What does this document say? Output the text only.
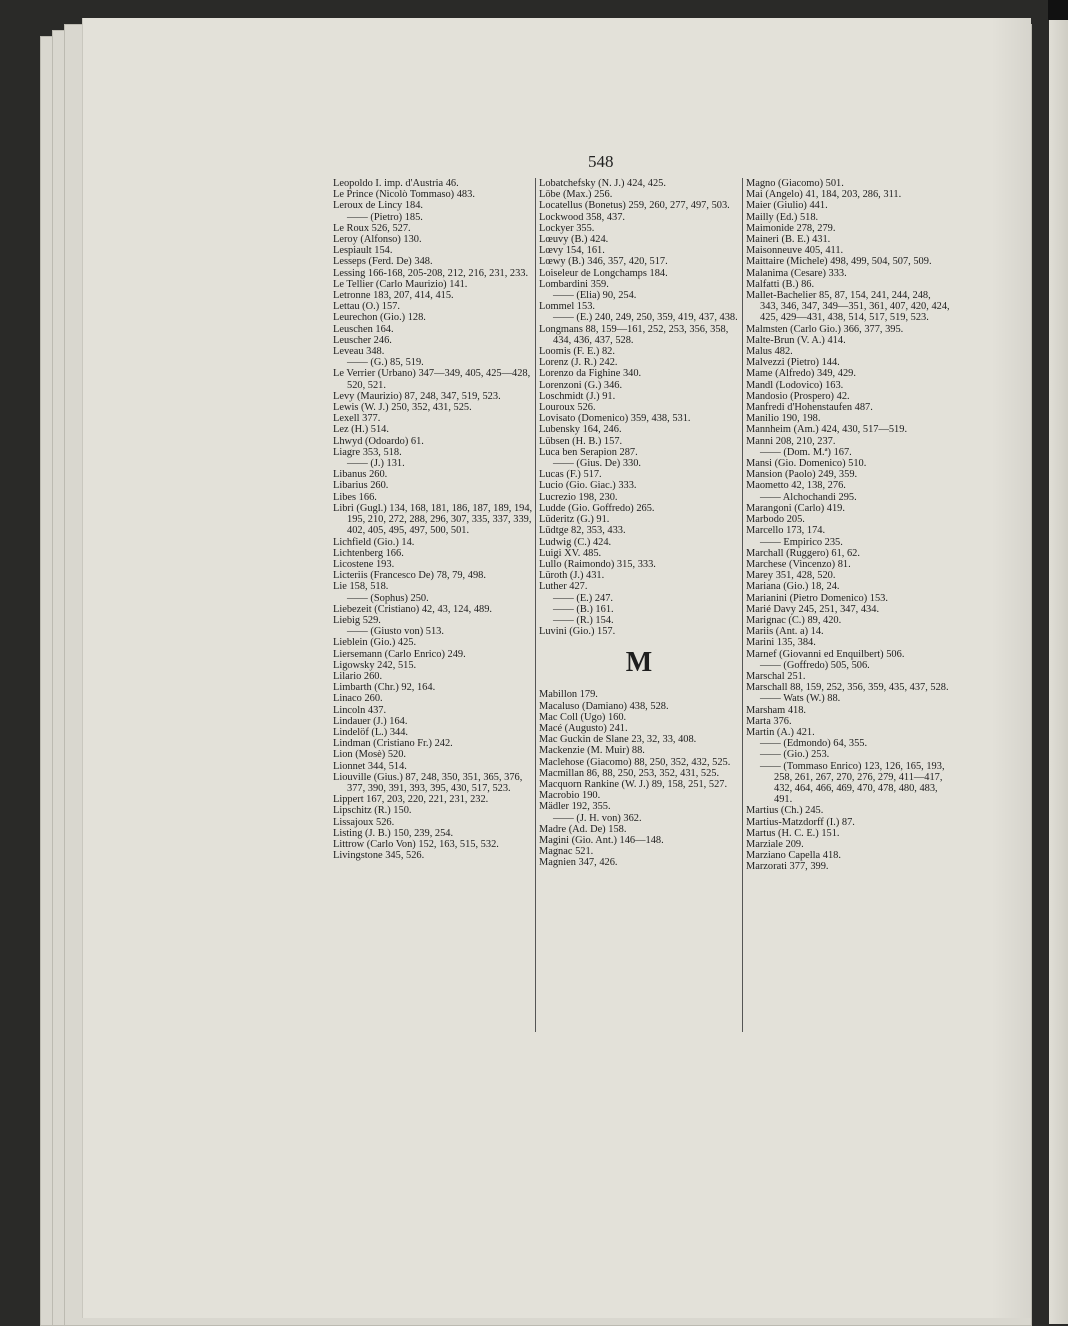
548

Leopoldo I. imp. d'Austria 46.
Le Prince (Nicolò Tommaso) 483.
Leroux de Lincy 184.
—— (Pietro) 185.
Le Roux 526, 527.
Leroy (Alfonso) 130.
Lespiault 154.
Lesseps (Ferd. De) 348.
Lessing 166-168, 205-208, 212, 216, 231, 233.
Le Tellier (Carlo Maurizio) 141.
Letronne 183, 207, 414, 415.
Lettau (O.) 157.
Leurechon (Gio.) 128.
Leuschen 164.
Leuscher 246.
Leveau 348.
—— (G.) 85, 519.
Le Verrier (Urbano) 347—349, 405, 425—428, 520, 521.
Levy (Maurizio) 87, 248, 347, 519, 523.
Lewis (W. J.) 250, 352, 431, 525.
Lexell 377.
Lez (H.) 514.
Lhwyd (Odoardo) 61.
Liagre 353, 518.
—— (J.) 131.
Libanus 260.
Libarius 260.
Libes 166.
Libri (Gugl.) 134, 168, 181, 186, 187, 189, 194, 195, 210, 272, 288, 296, 307, 335, 337, 339, 402, 405, 495, 497, 500, 501.
Lichfield (Gio.) 14.
Lichtenberg 166.
Licostene 193.
Licteriis (Francesco De) 78, 79, 498.
Lie 158, 518.
—— (Sophus) 250.
Liebezeit (Cristiano) 42, 43, 124, 489.
Liebig 529.
—— (Giusto von) 513.
Lieblein (Gio.) 425.
Liersemann (Carlo Enrico) 249.
Ligowsky 242, 515.
Lilario 260.
Limbarth (Chr.) 92, 164.
Linaco 260.
Lincoln 437.
Lindauer (J.) 164.
Lindelöf (L.) 344.
Lindman (Cristiano Fr.) 242.
Lion (Mosè) 520.
Lionnet 344, 514.
Liouville (Gius.) 87, 248, 350, 351, 365, 376, 377, 390, 391, 393, 395, 430, 517, 523.
Lippert 167, 203, 220, 221, 231, 232.
Lipschitz (R.) 150.
Lissajoux 526.
Listing (J. B.) 150, 239, 254.
Littrow (Carlo Von) 152, 163, 515, 532.
Livingstone 345, 526.
Lobatchefsky (N. J.) 424, 425.
Löbe (Max.) 256.
Locatellus (Bonetus) 259, 260, 277, 497, 503.
Lockwood 358, 437.
Lockyer 355.
Lœuvy (B.) 424.
Lœvy 154, 161.
Lœwy (B.) 346, 357, 420, 517.
Loiseleur de Longchamps 184.
Lombardini 359.
—— (Elia) 90, 254.
Lommel 153.
—— (E.) 240, 249, 250, 359, 419, 437, 438.
Longmans 88, 159—161, 252, 253, 356, 358, 434, 436, 437, 528.
Loomis (F. E.) 82.
Lorenz (J. R.) 242.
Lorenzo da Fighine 340.
Lorenzoni (G.) 346.
Loschmidt (J.) 91.
Louroux 526.
Lovisato (Domenico) 359, 438, 531.
Lubensky 164, 246.
Lübsen (H. B.) 157.
Luca ben Serapion 287.
—— (Gius. De) 330.
Lucas (F.) 517.
Lucio (Gio. Giac.) 333.
Lucrezio 198, 230.
Ludde (Gio. Goffredo) 265.
Lüderitz (G.) 91.
Lüdtge 82, 353, 433.
Ludwig (C.) 424.
Luigi XV. 485.
Lullo (Raimondo) 315, 333.
Lüroth (J.) 431.
Luther 427.
—— (E.) 247.
—— (B.) 161.
—— (R.) 154.
Luvini (Gio.) 157.
M
Mabillon 179.
Macaluso (Damiano) 438, 528.
Mac Coll (Ugo) 160.
Macé (Augusto) 241.
Mac Guckin de Slane 23, 32, 33, 408.
Mackenzie (M. Muir) 88.
Maclehose (Giacomo) 88, 250, 352, 432, 525.
Macmillan 86, 88, 250, 253, 352, 431, 525.
Macquorn Rankine (W. J.) 89, 158, 251, 527.
Macrobio 190.
Mädler 192, 355.
—— (J. H. von) 362.
Madre (Ad. De) 158.
Magini (Gio. Ant.) 146—148.
Magnac 521.
Magnien 347, 426.
Magno (Giacomo) 501.
Mai (Angelo) 41, 184, 203, 286, 311.
Maier (Giulio) 441.
Mailly (Ed.) 518.
Maimonide 278, 279.
Maineri (B. E.) 431.
Maisonneuve 405, 411.
Maittaire (Michele) 498, 499, 504, 507, 509.
Malanima (Cesare) 333.
Malfatti (B.) 86.
Mallet-Bachelier 85, 87, 154, 241, 244, 248, 343, 346, 347, 349—351, 361, 407, 420, 424, 425, 429—431, 438, 514, 517, 519, 523.
Malmsten (Carlo Gio.) 366, 377, 395.
Malte-Brun (V. A.) 414.
Malus 482.
Malvezzi (Pietro) 144.
Mame (Alfredo) 349, 429.
Mandl (Lodovico) 163.
Mandosio (Prospero) 42.
Manfredi d'Hohenstaufen 487.
Manilio 190, 198.
Mannheim (Am.) 424, 430, 517—519.
Manni 208, 210, 237.
—— (Dom. M.ª) 167.
Mansi (Gio. Domenico) 510.
Mansion (Paolo) 249, 359.
Maometto 42, 138, 276.
—— Alchochandi 295.
Marangoni (Carlo) 419.
Marbodo 205.
Marcello 173, 174.
—— Empirico 235.
Marchall (Ruggero) 61, 62.
Marchese (Vincenzo) 81.
Marey 351, 428, 520.
Mariana (Gio.) 18, 24.
Marianini (Pietro Domenico) 153.
Marié Davy 245, 251, 347, 434.
Marignac (C.) 89, 420.
Mariis (Ant. a) 14.
Marini 135, 384.
Marnef (Giovanni ed Enquilbert) 506.
—— (Goffredo) 505, 506.
Marschal 251.
Marschall 88, 159, 252, 356, 359, 435, 437, 528.
—— Wats (W.) 88.
Marsham 418.
Marta 376.
Martin (A.) 421.
—— (Edmondo) 64, 355.
—— (Gio.) 253.
—— (Tommaso Enrico) 123, 126, 165, 193, 258, 261, 267, 270, 276, 279, 411—417, 432, 464, 466, 469, 470, 478, 480, 483, 491.
Martius (Ch.) 245.
Martius-Matzdorff (I.) 87.
Martus (H. C. E.) 151.
Marziale 209.
Marziano Capella 418.
Marzorati 377, 399.
